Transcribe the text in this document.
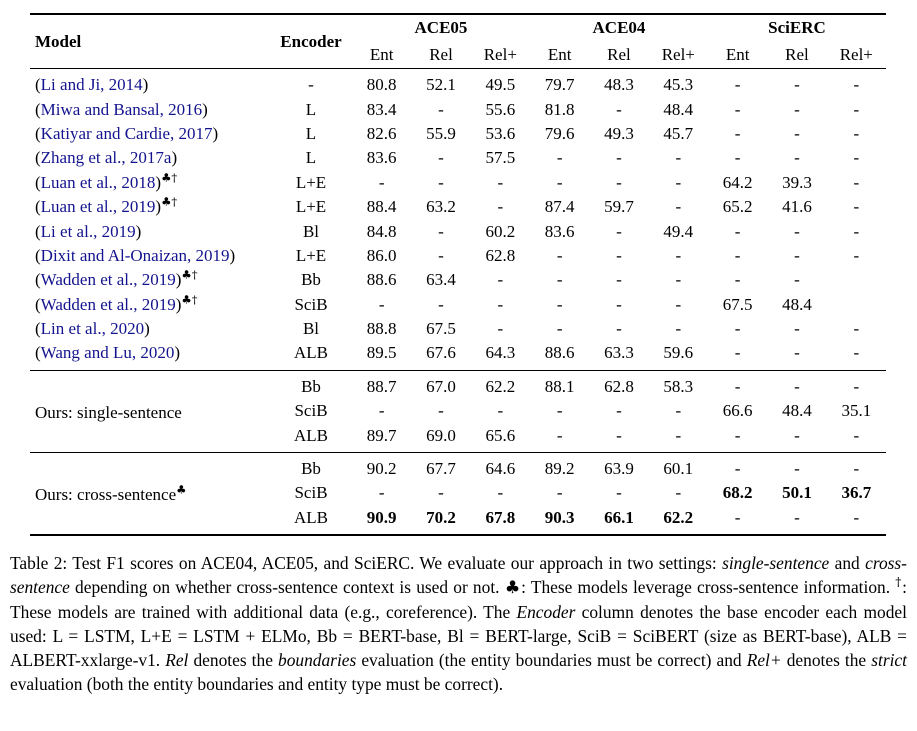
Model	Encoder	ACE05			ACE04			SciERC		
		Ent	Rel	Rel+	Ent	Rel	Rel+	Ent	Rel	Rel+
(Li and Ji, 2014)	-	80.8	52.1	49.5	79.7	48.3	45.3	-	-	-
(Miwa and Bansal, 2016)	L	83.4	-	55.6	81.8	-	48.4	-	-	-
(Katiyar and Cardie, 2017)	L	82.6	55.9	53.6	79.6	49.3	45.7	-	-	-
(Zhang et al., 2017a)	L	83.6	-	57.5	-	-	-	-	-	-
(Luan et al., 2018)♣†	L+E	-	-	-	-	-	-	64.2	39.3	-
(Luan et al., 2019)♣†	L+E	88.4	63.2	-	87.4	59.7	-	65.2	41.6	-
(Li et al., 2019)	Bl	84.8	-	60.2	83.6	-	49.4	-	-	-
(Dixit and Al-Onaizan, 2019)	L+E	86.0	-	62.8	-	-	-	-	-	-
(Wadden et al., 2019)♣†	Bb	88.6	63.4	-	-	-	-	-	-	
(Wadden et al., 2019)♣†	SciB	-	-	-	-	-	-	67.5	48.4	
(Lin et al., 2020)	Bl	88.8	67.5	-	-	-	-	-	-	-
(Wang and Lu, 2020)	ALB	89.5	67.6	64.3	88.6	63.3	59.6	-	-	-
Ours: single-sentence	Bb	88.7	67.0	62.2	88.1	62.8	58.3	-	-	-
	SciB	-	-	-	-	-	-	66.6	48.4	35.1
	ALB	89.7	69.0	65.6	-	-	-	-	-	-
Ours: cross-sentence♣	Bb	90.2	67.7	64.6	89.2	63.9	60.1	-	-	-
	SciB	-	-	-	-	-	-	68.2	50.1	36.7
	ALB	90.9	70.2	67.8	90.3	66.1	62.2	-	-	-
Table 2: Test F1 scores on ACE04, ACE05, and SciERC. We evaluate our approach in two settings: single-sentence and cross-sentence depending on whether cross-sentence context is used or not. ♣: These models leverage cross-sentence information. †: These models are trained with additional data (e.g., coreference). The Encoder column denotes the base encoder each model used: L = LSTM, L+E = LSTM + ELMo, Bb = BERT-base, Bl = BERT-large, SciB = SciBERT (size as BERT-base), ALB = ALBERT-xxlarge-v1. Rel denotes the boundaries evaluation (the entity boundaries must be correct) and Rel+ denotes the strict evaluation (both the entity boundaries and entity type must be correct).
